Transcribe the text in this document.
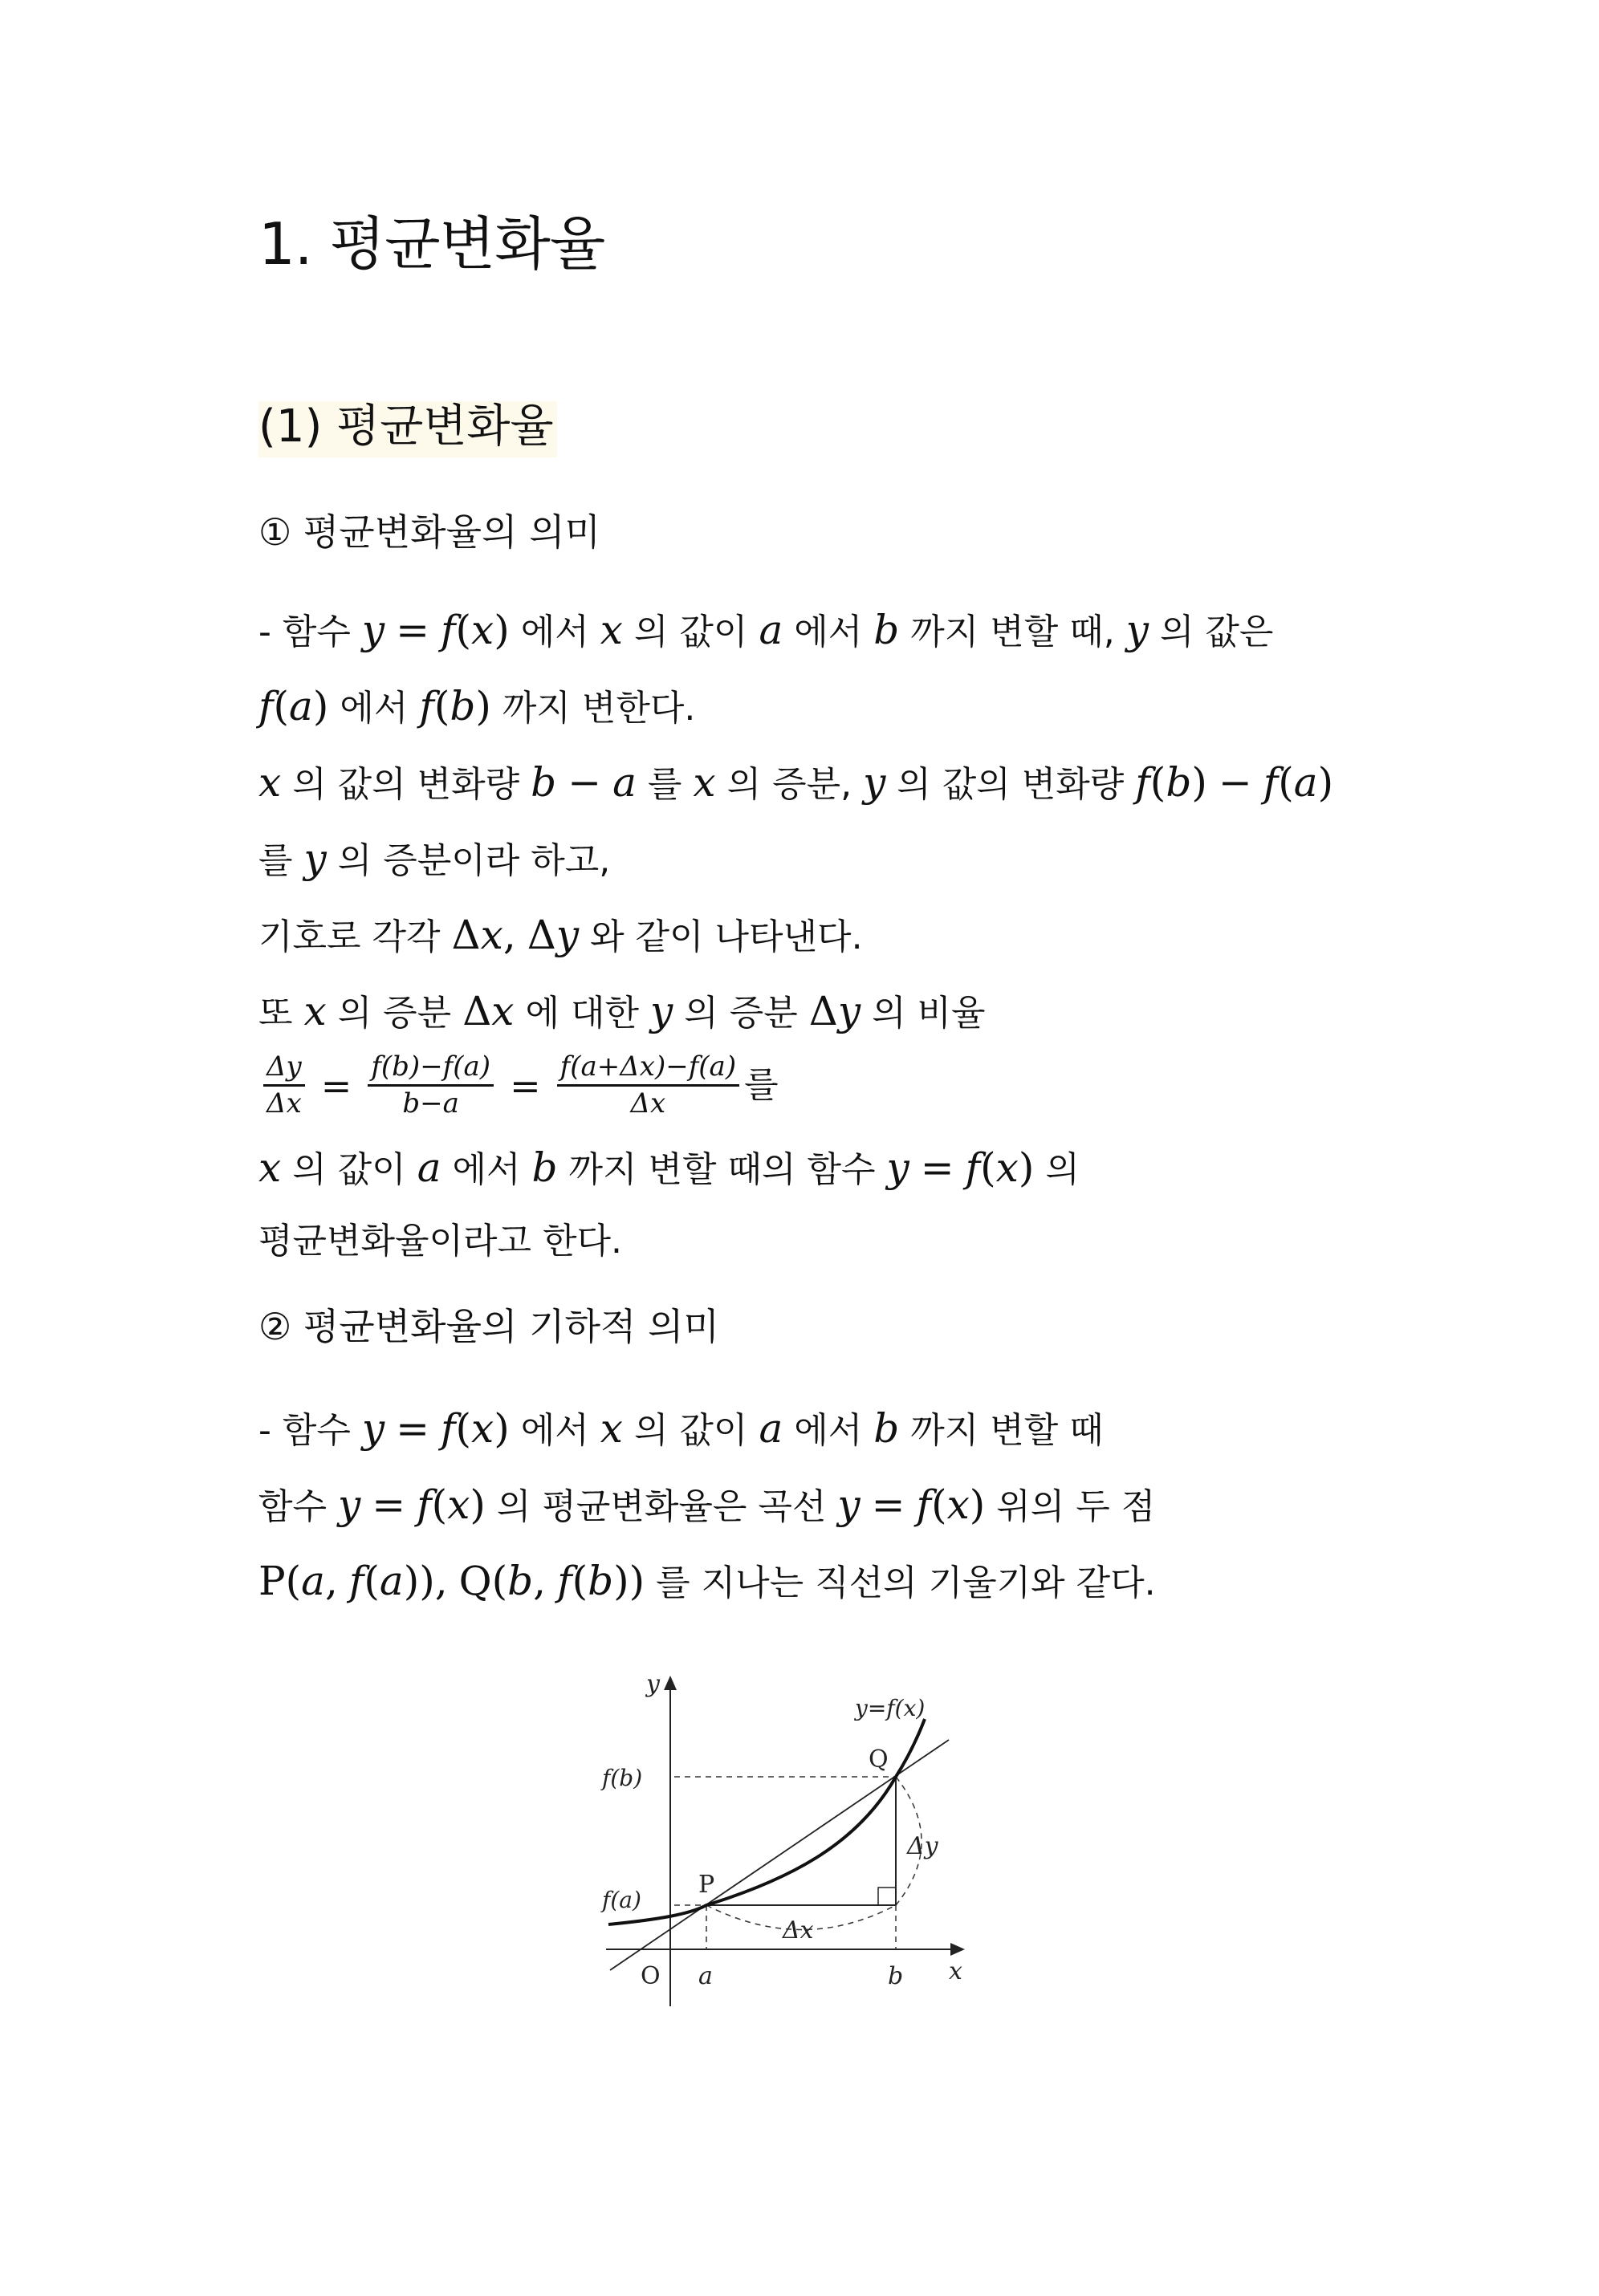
1. 평균변화율
(1) 평균변화율
① 평균변화율의 의미
- 함수 y = f(x) 에서 x 의 값이 a 에서 b 까지 변할 때, y 의 값은
f(a) 에서 f(b) 까지 변한다.
x 의 값의 변화량 b − a 를 x 의 증분, y 의 값의 변화량 f(b) − f(a)
를 y 의 증분이라 하고,
기호로 각각 Δx, Δy 와 같이 나타낸다.
또 x 의 증분 Δx 에 대한 y 의 증분 Δy 의 비율
$\frac{\Delta y}{\Delta x} = \frac{f(b)-f(a)}{b-a} = \frac{f(a+\Delta x)-f(a)}{\Delta x}$ 를
x 의 값이 a 에서 b 까지 변할 때의 함수 y = f(x) 의
평균변화율이라고 한다.
② 평균변화율의 기하적 의미
- 함수 y = f(x) 에서 x 의 값이 a 에서 b 까지 변할 때
함수 y = f(x) 의 평균변화율은 곡선 y = f(x) 위의 두 점
P(a, f(a)), Q(b, f(b)) 를 지나는 직선의 기울기와 같다.
y
x
O
y=f(x)
f(b)
f(a)
P
Q
a	b
Δy
Δx
